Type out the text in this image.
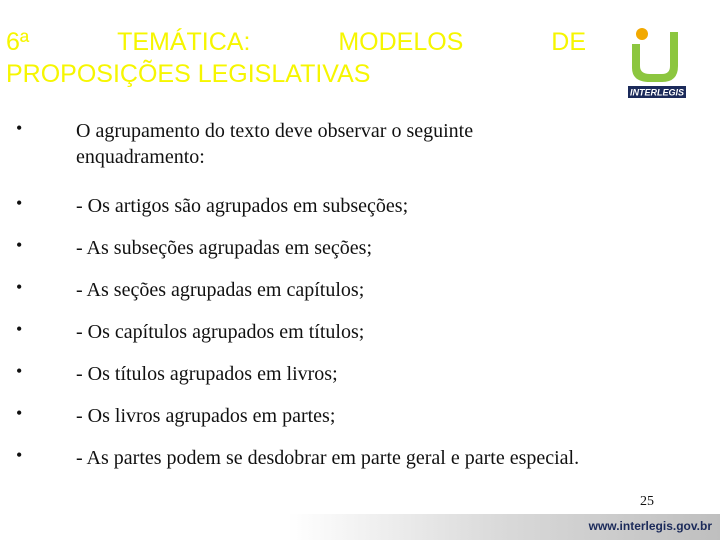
6ª	TEMÁTICA:	MODELOS	DE
PROPOSIÇÕES LEGISLATIVAS
INTERLEGIS
•	O agrupamento do texto deve observar o seguinte enquadramento:
•	- Os artigos são agrupados em subseções;
•	- As subseções agrupadas em seções;
•	- As seções agrupadas em capítulos;
•	- Os capítulos agrupados em títulos;
•	- Os títulos agrupados em livros;
•	- Os livros agrupados em partes;
•	- As partes podem se desdobrar em parte geral e parte especial.
25
www.interlegis.gov.br
